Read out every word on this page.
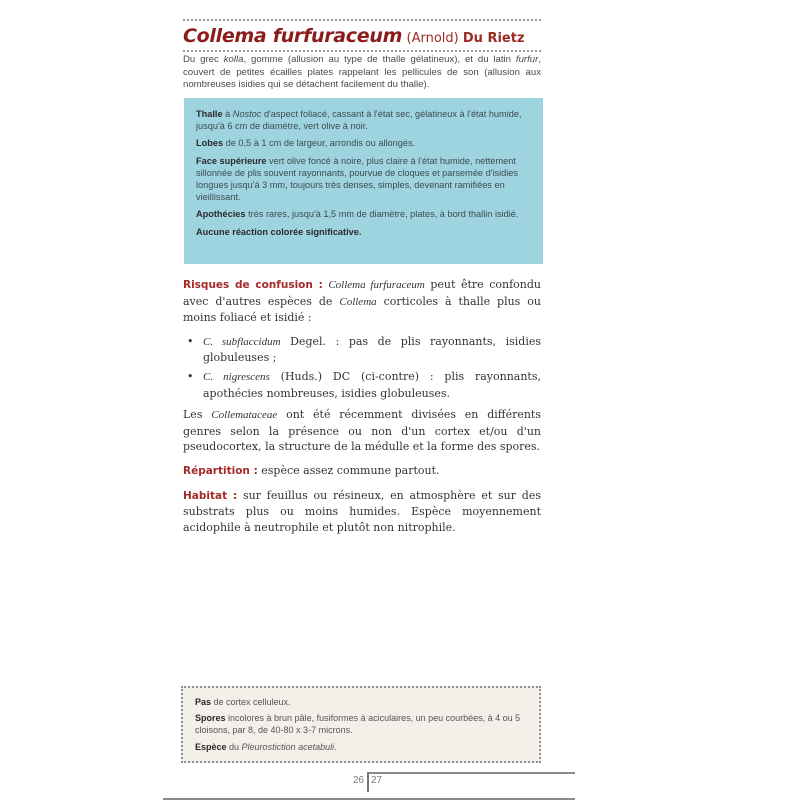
Collema furfuraceum (Arnold) Du Rietz
Du grec kolla, gomme (allusion au type de thalle gélatineux), et du latin furfur, couvert de petites écailles plates rappelant les pellicules de son (allusion aux nombreuses isidies qui se détachent facilement du thalle).

Thalle à Nostoc d'aspect foliacé, cassant à l'état sec, gélatineux à l'état humide, jusqu'à 6 cm de diamètre, vert olive à noir.

Lobes de 0,5 à 1 cm de largeur, arrondis ou allongés.

Face supérieure vert olive foncé à noire, plus claire à l'état humide, nettement sillonnée de plis souvent rayonnants, pourvue de cloques et parsemée d'isidies longues jusqu'à 3 mm, toujours très denses, simples, devenant ramifiées en vieillissant.

Apothécies très rares, jusqu'à 1,5 mm de diamètre, plates, à bord thallin isidié.

Aucune réaction colorée significative.

Risques de confusion : Collema furfuraceum peut être confondu avec d'autres espèces de Collema corticoles à thalle plus ou moins foliacé et isidié :

• C. subflaccidum Degel. : pas de plis rayonnants, isidies globuleuses ;
• C. nigrescens (Huds.) DC (ci-contre) : plis rayonnants, apothécies nombreuses, isidies globuleuses.

Les Collemataceae ont été récemment divisées en différents genres selon la présence ou non d'un cortex et/ou d'un pseudocortex, la structure de la médulle et la forme des spores.

Répartition : espèce assez commune partout.

Habitat : sur feuillus ou résineux, en atmosphère et sur des substrats plus ou moins humides. Espèce moyennement acidophile à neutrophile et plutôt non nitrophile.

Pas de cortex celluleux.

Spores incolores à brun pâle, fusiformes à aciculaires, un peu courbées, à 4 ou 5 cloisons, par 8, de 40-80 x 3-7 microns.

Espèce du Pleurostiction acetabuli.

26 27
